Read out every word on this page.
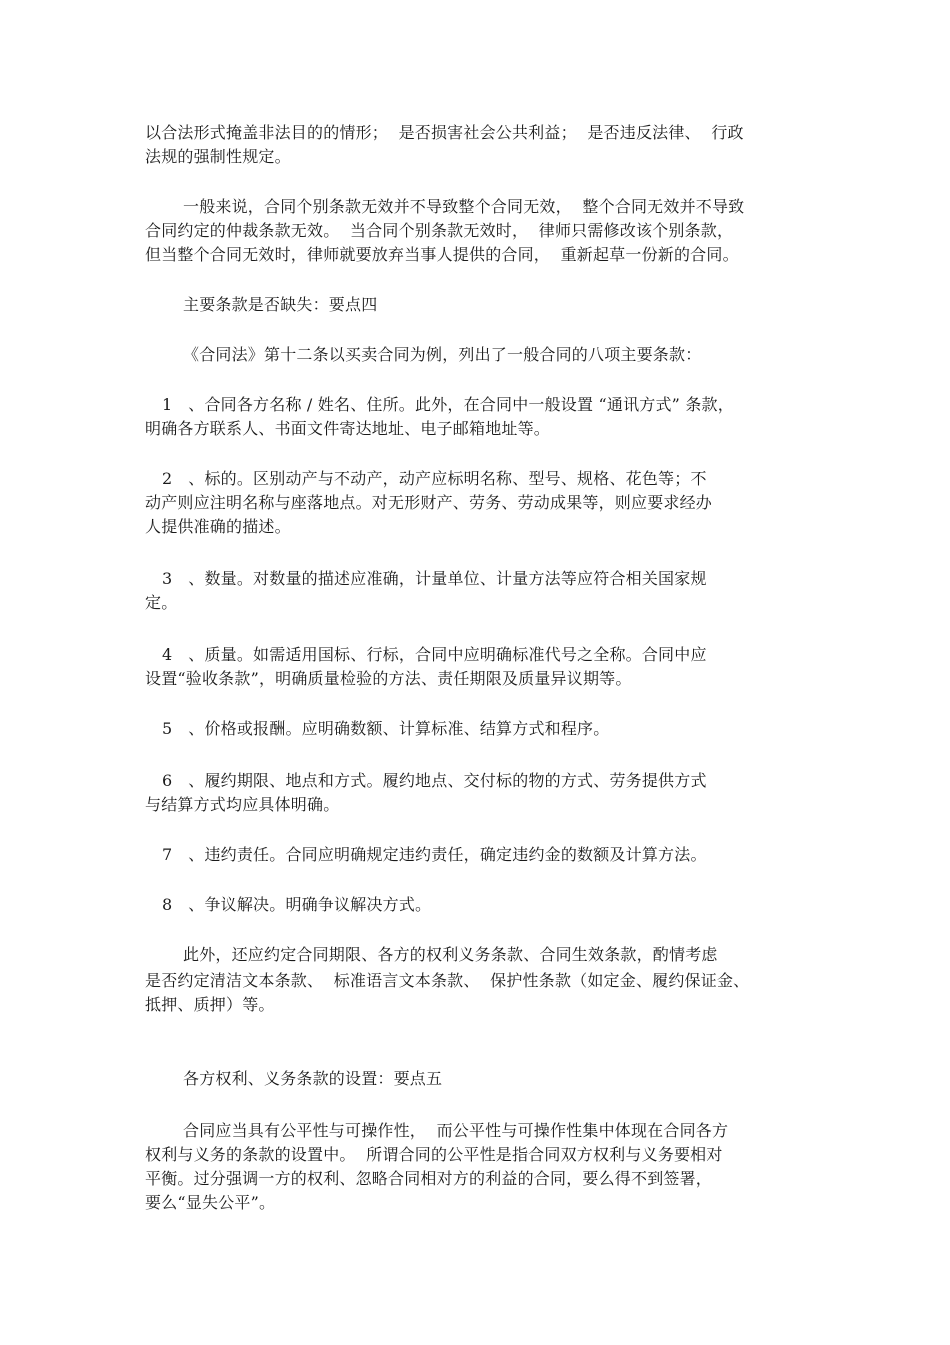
以合法形式掩盖非法目的的情形；  是否损害社会公共利益；  是否违反法律、  行政
法规的强制性规定。
一般来说，合同个别条款无效并不导致整个合同无效，  整个合同无效并不导致
合同约定的仲裁条款无效。  当合同个别条款无效时，  律师只需修改该个别条款，
但当整个合同无效时，律师就要放弃当事人提供的合同，  重新起草一份新的合同。
主要条款是否缺失：要点四
《合同法》第十二条以买卖合同为例，列出了一般合同的八项主要条款：
1   、合同各方名称 / 姓名、住所。此外，在合同中一般设置 “通讯方式” 条款，
明确各方联系人、书面文件寄达地址、电子邮箱地址等。
2   、标的。区别动产与不动产，动产应标明名称、型号、规格、花色等；不
动产则应注明名称与座落地点。对无形财产、劳务、劳动成果等，则应要求经办
人提供准确的描述。
3   、数量。对数量的描述应准确，计量单位、计量方法等应符合相关国家规
定。
4   、质量。如需适用国标、行标，合同中应明确标准代号之全称。合同中应
设置“验收条款”，明确质量检验的方法、责任期限及质量异议期等。
5   、价格或报酬。应明确数额、计算标准、结算方式和程序。
6   、履约期限、地点和方式。履约地点、交付标的物的方式、劳务提供方式
与结算方式均应具体明确。
7   、违约责任。合同应明确规定违约责任，确定违约金的数额及计算方法。
8   、争议解决。明确争议解决方式。
此外，还应约定合同期限、各方的权利义务条款、合同生效条款，酌情考虑
是否约定清洁文本条款、  标准语言文本条款、  保护性条款（如定金、履约保证金、
抵押、质押）等。
各方权利、义务条款的设置：要点五
合同应当具有公平性与可操作性，  而公平性与可操作性集中体现在合同各方
权利与义务的条款的设置中。  所谓合同的公平性是指合同双方权利与义务要相对
平衡。过分强调一方的权利、忽略合同相对方的利益的合同，要么得不到签署，
要么“显失公平”。
